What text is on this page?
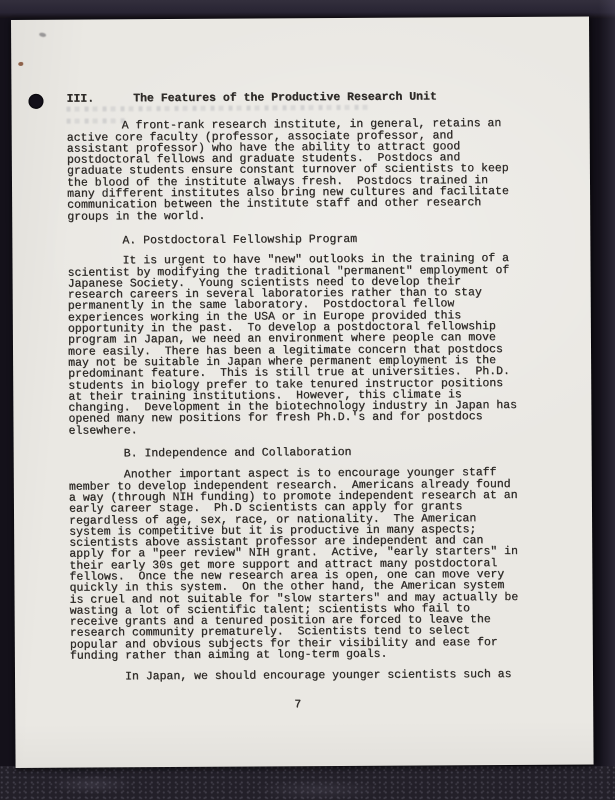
III.	The Features of the Productive Research Unit

A front-rank research institute, in general, retains an
active core faculty (professor, associate professor, and
assistant professor) who have the ability to attract good
postdoctoral fellows and graduate students.  Postdocs and
graduate students ensure constant turnover of scientists to keep
the blood of the institute always fresh.  Postdocs trained in
many different institutes also bring new cultures and facilitate
communication between the institute staff and other research
groups in the world.

A. Postdoctoral Fellowship Program

It is urgent to have "new" outlooks in the training of a
scientist by modifying the traditional "permanent" employment of
Japanese Society.  Young scientists need to develop their
research careers in several laboratories rather than to stay
permanently in the same laboratory.  Postdoctoral fellow
experiences working in the USA or in Europe provided this
opportunity in the past.  To develop a postdoctoral fellowship
program in Japan, we need an environment where people can move
more easily.  There has been a legitimate concern that postdocs
may not be suitable in Japan where permanent employment is the
predominant feature.  This is still true at universities.  Ph.D.
students in biology prefer to take tenured instructor positions
at their training institutions.  However, this climate is
changing.  Development in the biotechnology industry in Japan has
opened many new positions for fresh Ph.D.'s and for postdocs
elsewhere.

B. Independence and Collaboration

Another important aspect is to encourage younger staff
member to develop independent research.  Americans already found
a way (through NIH funding) to promote independent research at an
early career stage.  Ph.D scientists can apply for grants
regardless of age, sex, race, or nationality.  The American
system is competitive but it is productive in many aspects;
scientists above assistant professor are independent and can
apply for a "peer review" NIH grant.  Active, "early starters" in
their early 30s get more support and attract many postdoctoral
fellows.  Once the new research area is open, one can move very
quickly in this system.  On the other hand, the American system
is cruel and not suitable for "slow starters" and may actually be
wasting a lot of scientific talent; scientists who fail to
receive grants and a tenured position are forced to leave the
research community prematurely.  Scientists tend to select
popular and obvious subjects for their visibility and ease for
funding rather than aiming at long-term goals.

In Japan, we should encourage younger scientists such as

7
